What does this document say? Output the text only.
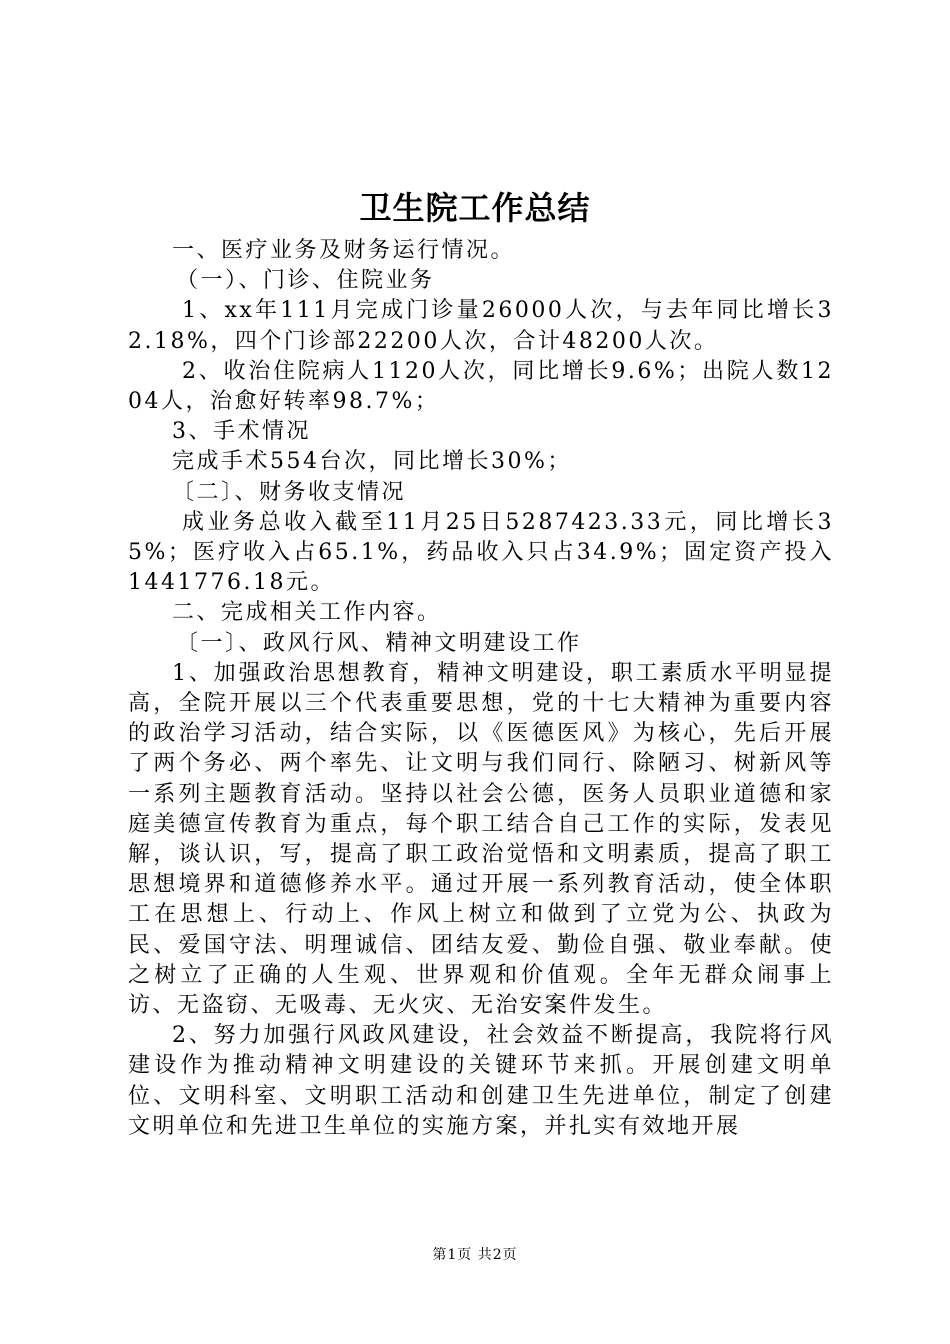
卫生院工作总结

一、医疗业务及财务运行情况。

（一）、门诊、住院业务

1、xx年111月完成门诊量26000人次，与去年同比增长32.18%，四个门诊部22200人次，合计48200人次。

2、收治住院病人1120人次，同比增长9.6%；出院人数1204人，治愈好转率98.7%；

3、手术情况

完成手术554台次，同比增长30%；

〔二〕、财务收支情况

成业务总收入截至11月25日5287423.33元，同比增长35%；医疗收入占65.1%，药品收入只占34.9%；固定资产投入1441776.18元。

二、完成相关工作内容。

〔一〕、政风行风、精神文明建设工作

1、加强政治思想教育，精神文明建设，职工素质水平明显提高，全院开展以三个代表重要思想，党的十七大精神为重要内容的政治学习活动，结合实际，以《医德医风》为核心，先后开展了两个务必、两个率先、让文明与我们同行、除陋习、树新风等一系列主题教育活动。坚持以社会公德，医务人员职业道德和家庭美德宣传教育为重点，每个职工结合自己工作的实际，发表见解，谈认识，写，提高了职工政治觉悟和文明素质，提高了职工思想境界和道德修养水平。通过开展一系列教育活动，使全体职工在思想上、行动上、作风上树立和做到了立党为公、执政为民、爱国守法、明理诚信、团结友爱、勤俭自强、敬业奉献。使之树立了正确的人生观、世界观和价值观。全年无群众闹事上访、无盗窃、无吸毒、无火灾、无治安案件发生。

2、努力加强行风政风建设，社会效益不断提高，我院将行风建设作为推动精神文明建设的关键环节来抓。开展创建文明单位、文明科室、文明职工活动和创建卫生先进单位，制定了创建文明单位和先进卫生单位的实施方案，并扎实有效地开展

第1页 共2页
